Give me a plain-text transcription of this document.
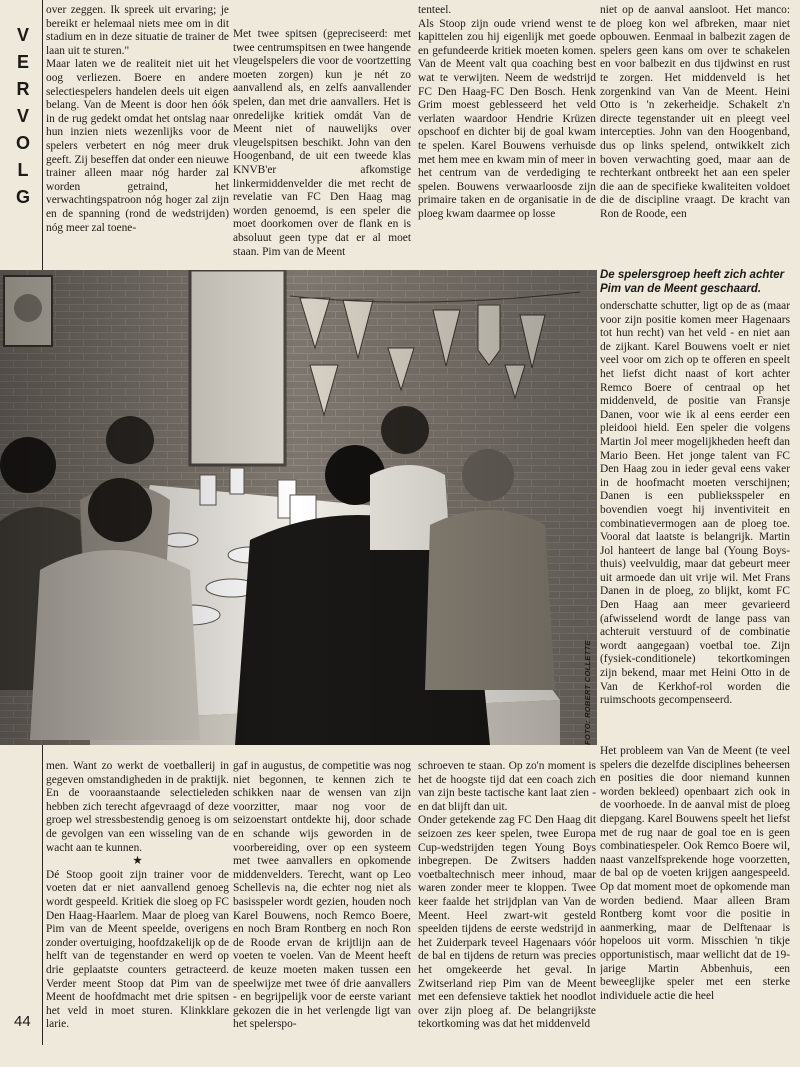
V
E
R
V
O
L
G

over zeggen. Ik spreek uit ervaring; je bereikt er helemaal niets mee om in dit stadium en in deze situatie de trainer de laan uit te sturen."

Maar laten we de realiteit niet uit het oog verliezen. Boere en andere selectiespelers handelen deels uit eigen belang. Van de Meent is door hen óók in de rug gedekt omdat het ontslag naar hun inzien niets wezenlijks voor de spelers verbetert en nóg meer druk geeft. Zij beseffen dat onder een nieuwe trainer alleen maar nóg harder zal worden getraind, het verwachtingspatroon nóg hoger zal zijn en de spanning (rond de wedstrijden) nóg meer zal toene-

Met twee spitsen (gepreciseerd: met twee centrumspitsen en twee hangende vleugelspelers die voor de voortzetting moeten zorgen) kun je nét zo aanvallend als, en zelfs aanvallender spelen, dan met drie aanvallers. Het is onredelijke kritiek omdát Van de Meent niet of nauwelijks over vleugelspitsen beschikt. John van den Hoogenband, de uit een tweede klas KNVB'er afkomstige linkermiddenvelder die met recht de revelatie van FC Den Haag mag worden genoemd, is een speler die moet doorkomen over de flank en is absoluut geen type dat er al moet staan. Pim van de Meent

tenteel.

Als Stoop zijn oude vriend wenst te kapittelen zou hij eigenlijk met goede en gefundeerde kritiek moeten komen. Van de Meent valt qua coaching best wat te verwijten. Neem de wedstrijd FC Den Haag-FC Den Bosch. Henk Grim moest geblesseerd het veld verlaten waardoor Hendrie Krüzen opschoof en dichter bij de goal kwam te spelen. Karel Bouwens verhuisde met hem mee en kwam min of meer in het centrum van de verdediging te spelen. Bouwens verwaarloosde zijn primaire taken en de organisatie in de ploeg kwam daarmee op losse

niet op de aanval aansloot. Het manco: de ploeg kon wel afbreken, maar niet opbouwen. Eenmaal in balbezit zagen de spelers geen kans om over te schakelen en voor balbezit en dus tijdwinst en rust te zorgen. Het middenveld is het zorgenkind van Van de Meent. Heini Otto is 'n zekerheidje. Schakelt z'n directe tegenstander uit en pleegt veel intercepties. John van den Hoogenband, dus op links spelend, ontwikkelt zich boven verwachting goed, maar aan de rechterkant ontbreekt het aan een speler die aan de specifieke kwaliteiten voldoet die de discipline vraagt. De kracht van Ron de Roode, een

De spelersgroep heeft zich achter Pim van de Meent geschaard.

onderschatte schutter, ligt op de as (maar voor zijn positie komen meer Hagenaars tot hun recht) van het veld - en niet aan de zijkant. Karel Bouwens voelt er niet veel voor om zich op te offeren en speelt het liefst dicht naast of kort achter Remco Boere of centraal op het middenveld, de positie van Fransje Danen, voor wie ik al eens eerder een pleidooi hield. Een speler die volgens Martin Jol meer mogelijkheden heeft dan Mario Been. Het jonge talent van FC Den Haag zou in ieder geval eens vaker in de hoofmacht moeten verschijnen; Danen is een publieksspeler en bovendien voegt hij inventiviteit en combinatievermogen aan de ploeg toe. Vooral dat laatste is belangrijk. Martin Jol hanteert de lange bal (Young Boys-thuis) veelvuldig, maar dat gebeurt meer uit armoede dan uit vrije wil. Met Frans Danen in de ploeg, zo blijkt, komt FC Den Haag aan meer gevarieerd (afwisselend wordt de lange pass van achteruit verstuurd of de combinatie wordt aangegaan) voetbal toe. Zijn (fysiek-conditionele) tekortkomingen zijn bekend, maar met Heini Otto in de Van de Kerkhof-rol worden die ruimschoots gecompenseerd.

FOTO: ROBERT COLLETTE

men. Want zo werkt de voetballerij in gegeven omstandigheden in de praktijk. En de vooraanstaande selectieleden hebben zich terecht afgevraagd of deze groep wel stressbestendig genoeg is om de gevolgen van een wisseling van de wacht aan te kunnen.

★

Dé Stoop gooit zijn trainer voor de voeten dat er niet aanvallend genoeg wordt gespeeld. Kritiek die sloeg op FC Den Haag-Haarlem. Maar de ploeg van Pim van de Meent speelde, overigens zonder overtuiging, hoofdzakelijk op de helft van de tegenstander en werd op drie geplaatste counters getracteerd. Verder meent Stoop dat Pim van de Meent de hoofdmacht met drie spitsen het veld in moet sturen. Klinkklare larie.

gaf in augustus, de competitie was nog niet begonnen, te kennen zich te schikken naar de wensen van zijn voorzitter, maar nog voor de seizoenstart ontdekte hij, door schade en schande wijs geworden in de voorbereiding, over op een systeem met twee aanvallers en opkomende middenvelders. Terecht, want op Leo Schellevis na, die echter nog niet als basisspeler wordt gezien, houden noch Karel Bouwens, noch Remco Boere, en noch Bram Rontberg en noch Ron de Roode ervan de krijtlijn aan de voeten te voelen. Van de Meent heeft de keuze moeten maken tussen een speelwijze met twee óf drie aanvallers - en begrijpelijk voor de eerste variant gekozen die in het verlengde ligt van het spelerspo-

schroeven te staan. Op zo'n moment is het de hoogste tijd dat een coach zich van zijn beste tactische kant laat zien - en dat blijft dan uit.

Onder getekende zag FC Den Haag dit seizoen zes keer spelen, twee Europa Cup-wedstrijden tegen Young Boys inbegrepen. De Zwitsers hadden voetbaltechnisch meer inhoud, maar waren zonder meer te kloppen. Twee keer faalde het strijdplan van Van de Meent. Heel zwart-wit gesteld speelden tijdens de eerste wedstrijd in het Zuiderpark teveel Hagenaars vóór de bal en tijdens de return was precies het omgekeerde het geval. In Zwitserland riep Pim van de Meent met een defensieve taktiek het noodlot over zijn ploeg af. De belangrijkste tekortkoming was dat het middenveld

Het probleem van Van de Meent (te veel spelers die dezelfde disciplines beheersen en posities die door niemand kunnen worden bekleed) openbaart zich ook in de voorhoede. In de aanval mist de ploeg diepgang. Karel Bouwens speelt het liefst met de rug naar de goal toe en is geen combinatiespeler. Ook Remco Boere wil, naast vanzelfsprekende hoge voorzetten, de bal op de voeten krijgen aangespeeld. Op dat moment moet de opkomende man worden bediend. Maar alleen Bram Rontberg komt voor die positie in aanmerking, maar de Delftenaar is hopeloos uit vorm. Misschien 'n tikje opportunistisch, maar wellicht dat de 19-jarige Martin Abbenhuis, een beweeglijke speler met een sterke individuele actie die heel

44
